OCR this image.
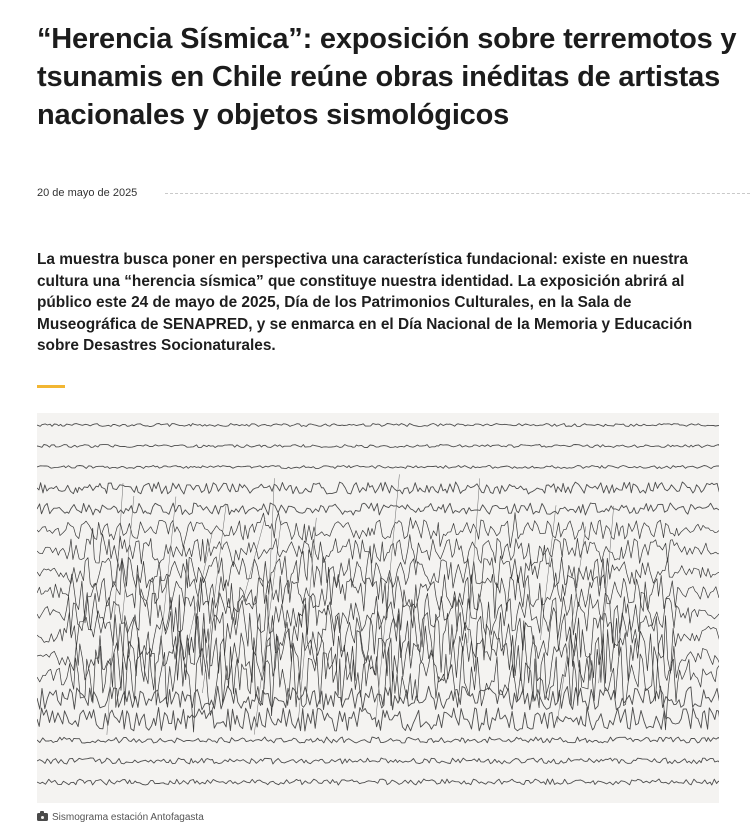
“Herencia Sísmica”: exposición sobre terremotos y tsunamis en Chile reúne obras inéditas de artistas nacionales y objetos sismológicos
20 de mayo de 2025

La muestra busca poner en perspectiva una característica fundacional: existe en nuestra cultura una “herencia sísmica” que constituye nuestra identidad. La exposición abrirá al público este 24 de mayo de 2025, Día de los Patrimonios Culturales, en la Sala de Museográfica de SENAPRED, y se enmarca en el Día Nacional de la Memoria y Educación sobre Desastres Socionaturales.

Sismograma estación Antofagasta
